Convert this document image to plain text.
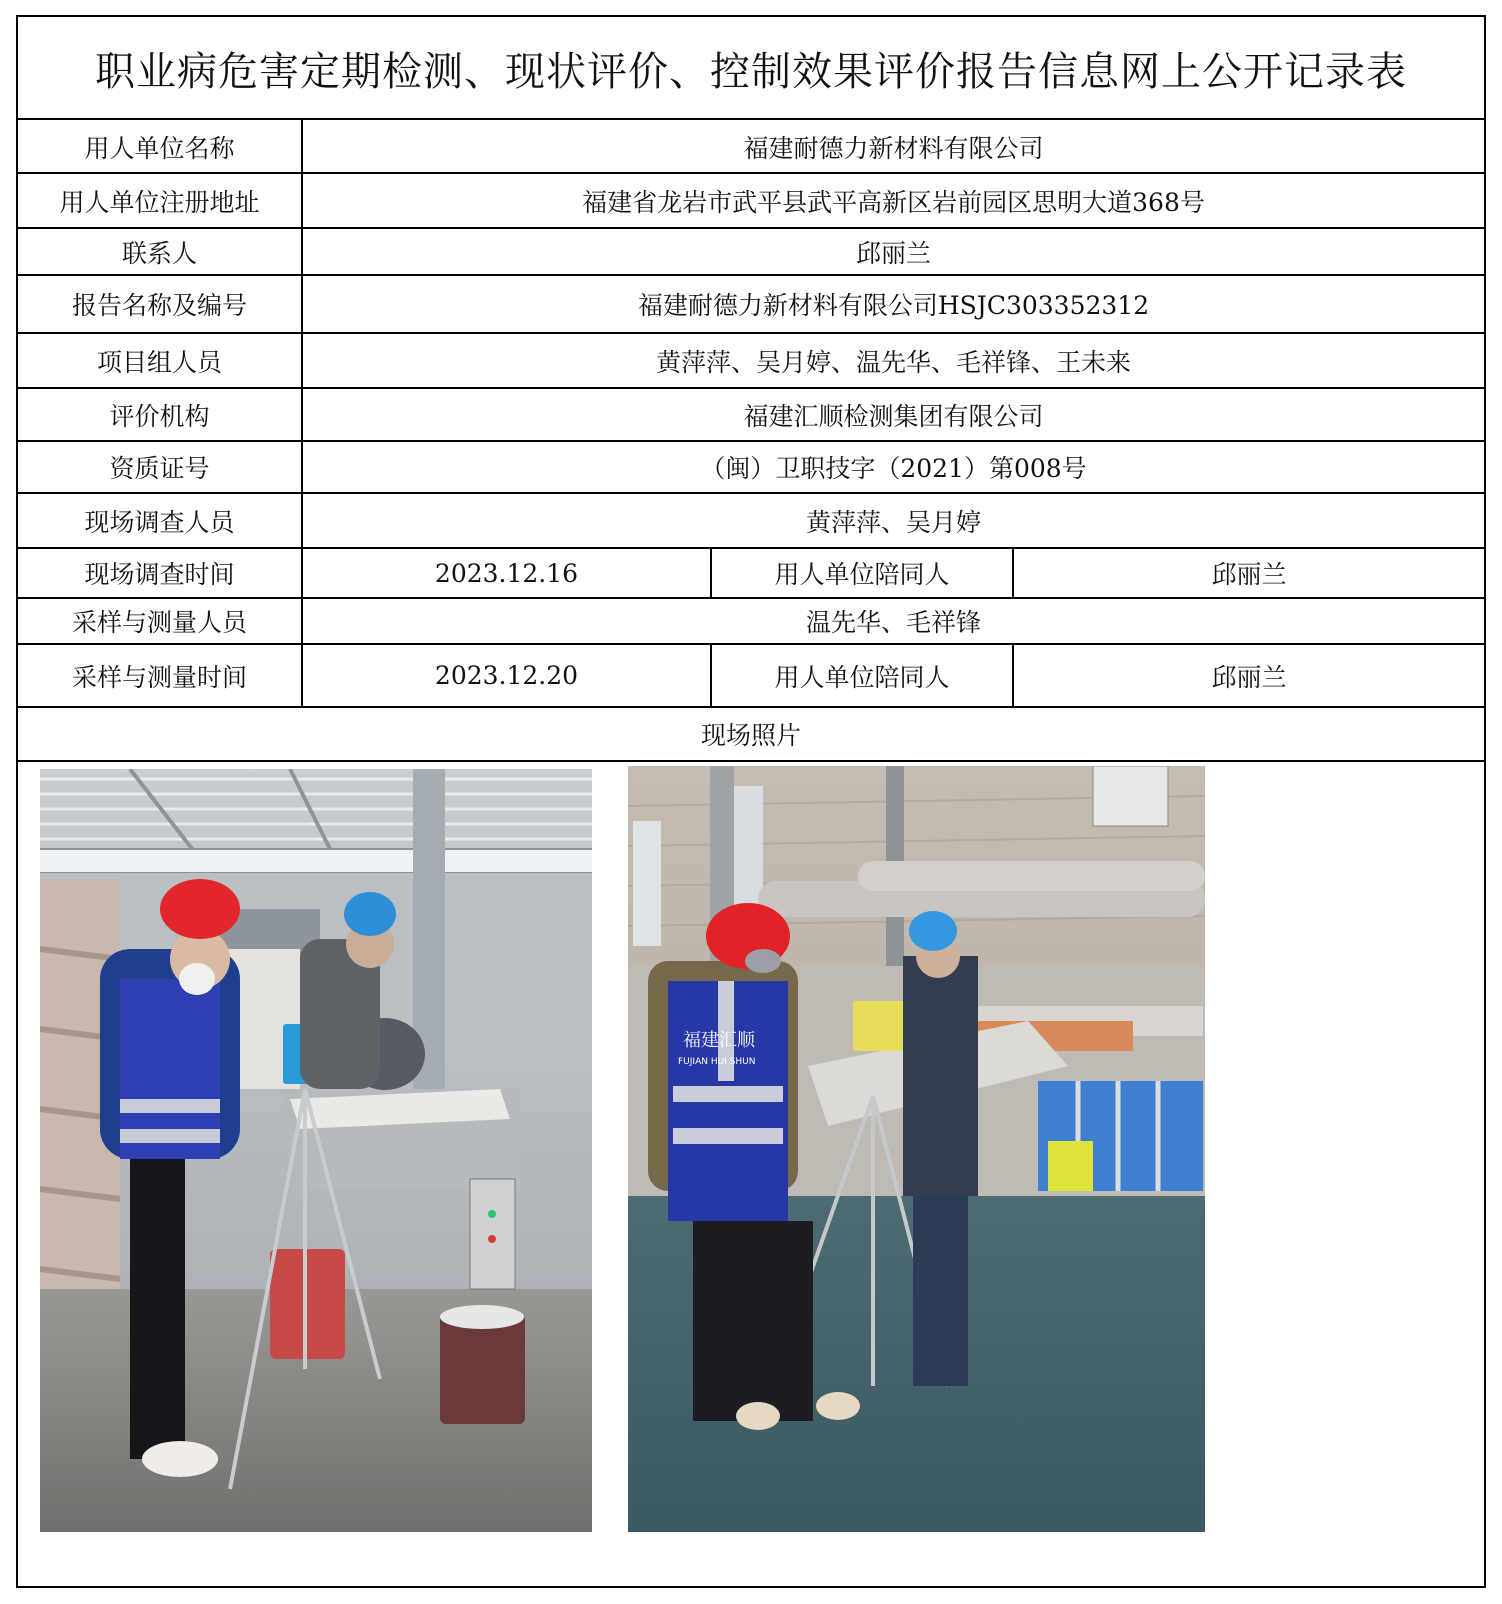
职业病危害定期检测、现状评价、控制效果评价报告信息网上公开记录表
用人单位名称	福建耐德力新材料有限公司
用人单位注册地址	福建省龙岩市武平县武平高新区岩前园区思明大道368号
联系人	邱丽兰
报告名称及编号	福建耐德力新材料有限公司HSJC303352312
项目组人员	黄萍萍、吴月婷、温先华、毛祥锋、王未来
评价机构	福建汇顺检测集团有限公司
资质证号	（闽）卫职技字（2021）第008号
现场调查人员	黄萍萍、吴月婷
现场调查时间	2023.12.16	用人单位陪同人	邱丽兰
采样与测量人员	温先华、毛祥锋
采样与测量时间	2023.12.20	用人单位陪同人	邱丽兰
现场照片
福建汇顺
FUJIAN HUI SHUN
